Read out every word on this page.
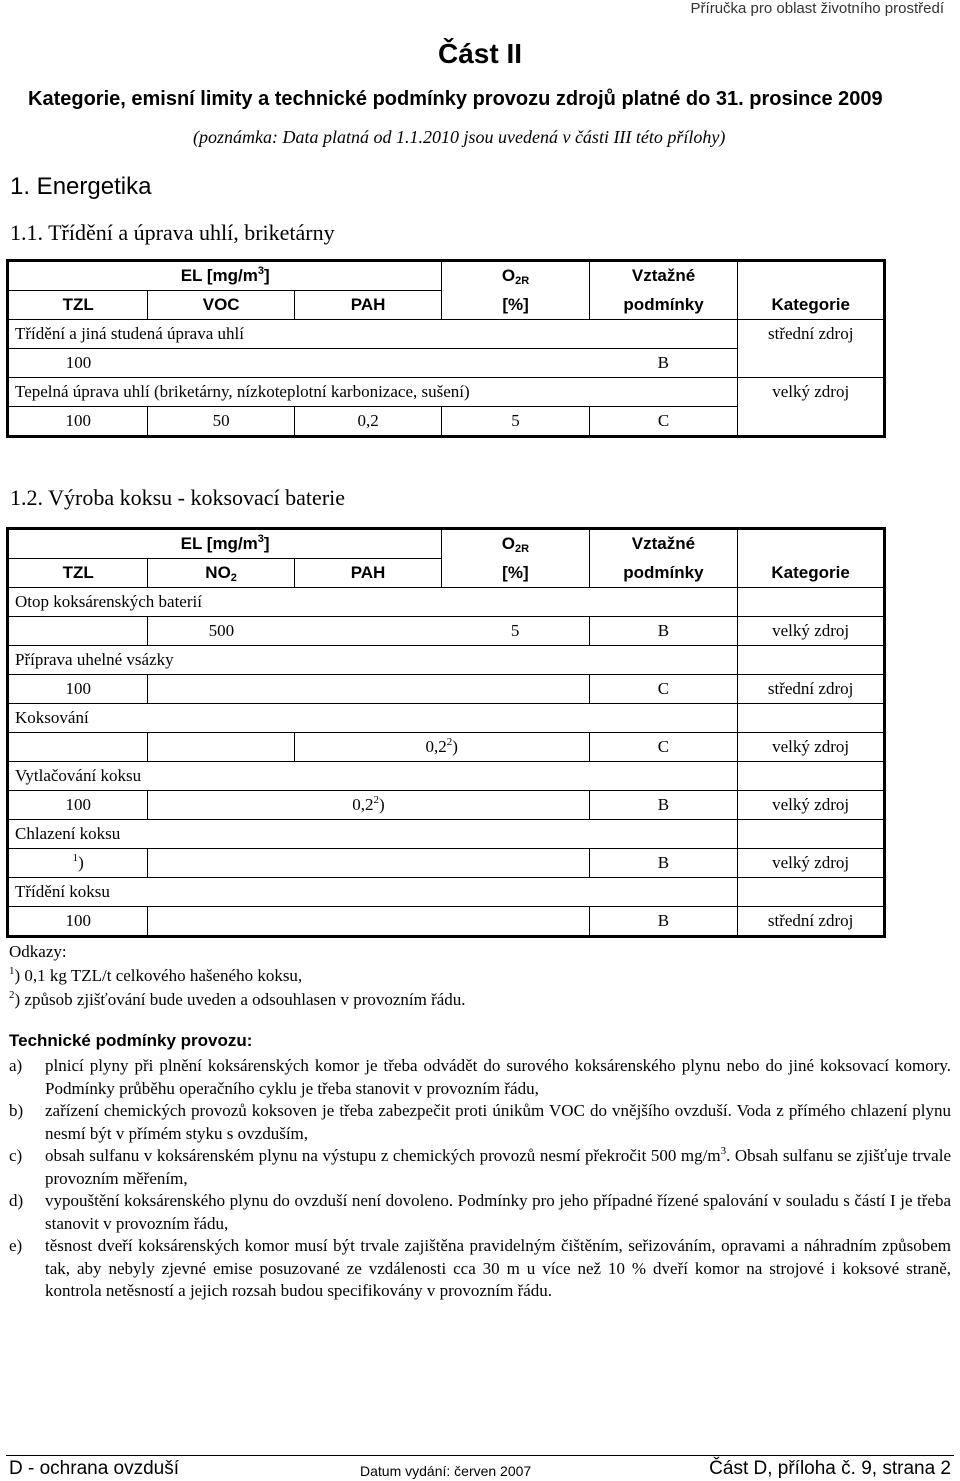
Příručka pro oblast životního prostředí
Část II
Kategorie, emisní limity a technické podmínky provozu zdrojů platné do 31. prosince 2009
(poznámka: Data platná od 1.1.2010 jsou uvedená v části III této přílohy)
1. Energetika
1.1. Třídění a úprava uhlí, briketárny
EL $[mg/m^3]$			$O_{2R}$	Vztažné	
TZL	VOC	PAH	[%]	podmínky	Kategorie
Třídění a jiná studená úprava uhlí					střední zdroj
100				B	
Tepelná úprava uhlí (briketárny, nízkoteplotní karbonizace, sušení)					velký zdroj
100	50	0,2	5	C	
1.2. Výroba koksu - koksovací baterie
EL $[mg/m^3]$			$O_{2R}$	Vztažné	
TZL	$NO_2$	PAH	[%]	podmínky	Kategorie
Otop koksárenských baterií					
	500		5	B	velký zdroj
Příprava uhelné vsázky					
100				C	střední zdroj
Koksování					
		$0,2^2$)		C	velký zdroj
Vytlačování koksu					
100	$0,2^2$)			B	velký zdroj
Chlazení koksu					
$^1$)				B	velký zdroj
Třídění koksu					
100				B	střední zdroj
Odkazy:
$^1$) 0,1 kg TZL/t celkového hašeného koksu,
$^2$) způsob zjišťování bude uveden a odsouhlasen v provozním řádu.
Technické podmínky provozu:
a) plnicí plyny při plnění koksárenských komor je třeba odvádět do surového koksárenského plynu nebo do jiné koksovací komory. Podmínky průběhu operačního cyklu je třeba stanovit v provozním řádu,
b) zařízení chemických provozů koksoven je třeba zabezpečit proti únikům VOC do vnějšího ovzduší. Voda z přímého chlazení plynu nesmí být v přímém styku s ovzduším,
c) obsah sulfanu v koksárenském plynu na výstupu z chemických provozů nesmí překročit 500 $mg/m^3$. Obsah sulfanu se zjišťuje trvale provozním měřením,
d) vypouštění koksárenského plynu do ovzduší není dovoleno. Podmínky pro jeho případné řízené spalování v souladu s částí I je třeba stanovit v provozním řádu,
e) těsnost dveří koksárenských komor musí být trvale zajištěna pravidelným čištěním, seřizováním, opravami a náhradním způsobem tak, aby nebyly zjevné emise posuzované ze vzdálenosti cca 30 m u více než 10 % dveří komor na strojové i koksové straně, kontrola netěsností a jejich rozsah budou specifikovány v provozním řádu.
D - ochrana ovzduší	Datum vydání: červen 2007	Část D, příloha č. 9, strana 2
